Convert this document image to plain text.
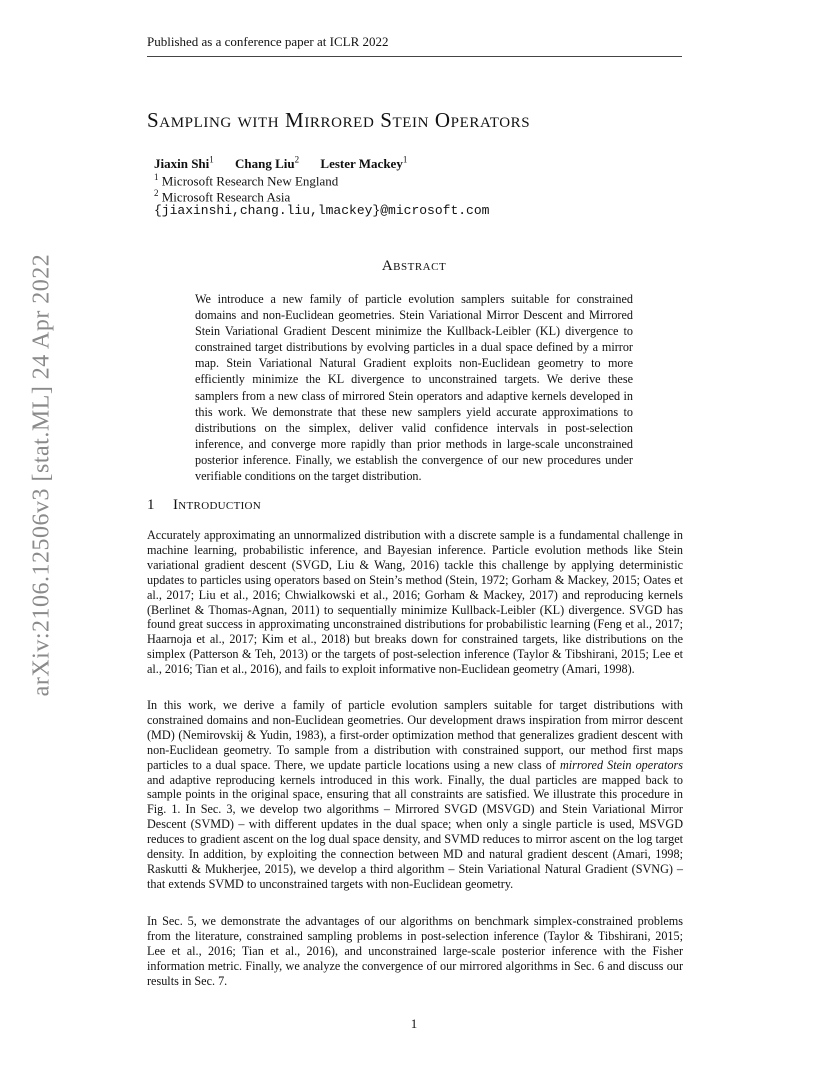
Published as a conference paper at ICLR 2022
arXiv:2106.12506v3 [stat.ML] 24 Apr 2022
Sampling with Mirrored Stein Operators
Jiaxin Shi$^1$ Chang Liu$^2$ Lester Mackey$^1$
$^1$ Microsoft Research New England
$^2$ Microsoft Research Asia
{jiaxinshi,chang.liu,lmackey}@microsoft.com
Abstract

We introduce a new family of particle evolution samplers suitable for constrained domains and non-Euclidean geometries. Stein Variational Mirror Descent and Mirrored Stein Variational Gradient Descent minimize the Kullback-Leibler (KL) divergence to constrained target distributions by evolving particles in a dual space defined by a mirror map. Stein Variational Natural Gradient exploits non-Euclidean geometry to more efficiently minimize the KL divergence to unconstrained targets. We derive these samplers from a new class of mirrored Stein operators and adaptive kernels developed in this work. We demonstrate that these new samplers yield accurate approximations to distributions on the simplex, deliver valid confidence intervals in post-selection inference, and converge more rapidly than prior methods in large-scale unconstrained posterior inference. Finally, we establish the convergence of our new procedures under verifiable conditions on the target distribution.

1 Introduction

Accurately approximating an unnormalized distribution with a discrete sample is a fundamental challenge in machine learning, probabilistic inference, and Bayesian inference. Particle evolution methods like Stein variational gradient descent (SVGD, Liu & Wang, 2016) tackle this challenge by applying deterministic updates to particles using operators based on Stein’s method (Stein, 1972; Gorham & Mackey, 2015; Oates et al., 2017; Liu et al., 2016; Chwialkowski et al., 2016; Gorham & Mackey, 2017) and reproducing kernels (Berlinet & Thomas-Agnan, 2011) to sequentially minimize Kullback-Leibler (KL) divergence. SVGD has found great success in approximating unconstrained distributions for probabilistic learning (Feng et al., 2017; Haarnoja et al., 2017; Kim et al., 2018) but breaks down for constrained targets, like distributions on the simplex (Patterson & Teh, 2013) or the targets of post-selection inference (Taylor & Tibshirani, 2015; Lee et al., 2016; Tian et al., 2016), and fails to exploit informative non-Euclidean geometry (Amari, 1998).

In this work, we derive a family of particle evolution samplers suitable for target distributions with constrained domains and non-Euclidean geometries. Our development draws inspiration from mirror descent (MD) (Nemirovskij & Yudin, 1983), a first-order optimization method that generalizes gradient descent with non-Euclidean geometry. To sample from a distribution with constrained support, our method first maps particles to a dual space. There, we update particle locations using a new class of mirrored Stein operators and adaptive reproducing kernels introduced in this work. Finally, the dual particles are mapped back to sample points in the original space, ensuring that all constraints are satisfied. We illustrate this procedure in Fig. 1. In Sec. 3, we develop two algorithms – Mirrored SVGD (MSVGD) and Stein Variational Mirror Descent (SVMD) – with different updates in the dual space; when only a single particle is used, MSVGD reduces to gradient ascent on the log dual space density, and SVMD reduces to mirror ascent on the log target density. In addition, by exploiting the connection between MD and natural gradient descent (Amari, 1998; Raskutti & Mukherjee, 2015), we develop a third algorithm – Stein Variational Natural Gradient (SVNG) – that extends SVMD to unconstrained targets with non-Euclidean geometry.

In Sec. 5, we demonstrate the advantages of our algorithms on benchmark simplex-constrained problems from the literature, constrained sampling problems in post-selection inference (Taylor & Tibshirani, 2015; Lee et al., 2016; Tian et al., 2016), and unconstrained large-scale posterior inference with the Fisher information metric. Finally, we analyze the convergence of our mirrored algorithms in Sec. 6 and discuss our results in Sec. 7.

1
